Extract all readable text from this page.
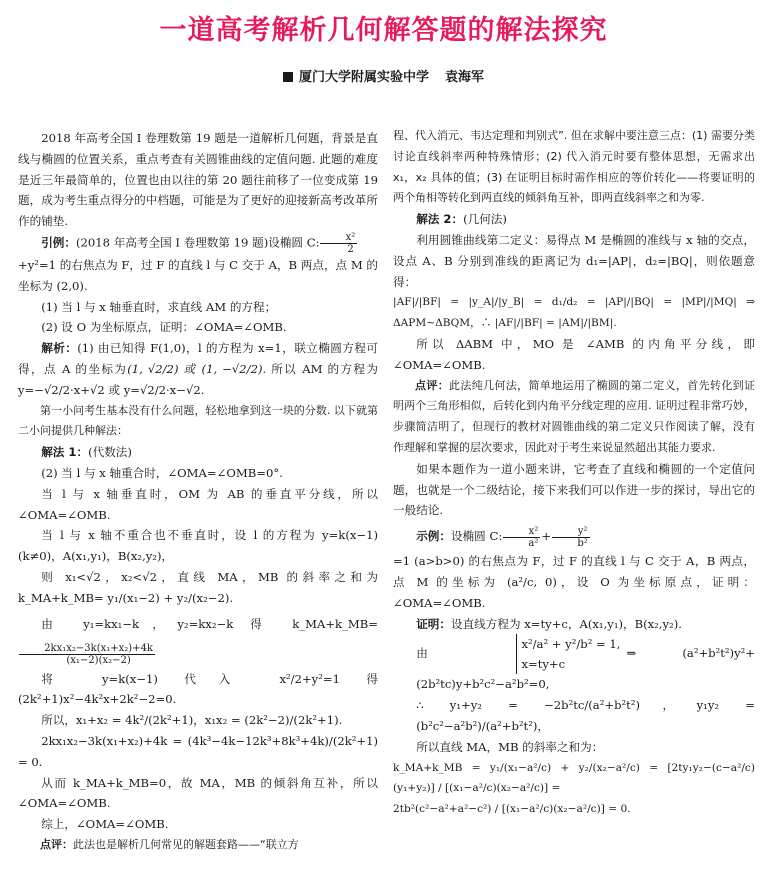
一道高考解析几何解答题的解法探究
厦门大学附属实验中学 袁海军

2018 年高考全国 I 卷理数第 19 题是一道解析几何题，背景是直线与椭圆的位置关系，重点考查有关圆锥曲线的定值问题. 此题的难度是近三年最简单的，位置也由以往的第 20 题往前移了一位变成第 19 题，成为考生重点得分的中档题，可能是为了更好的迎接新高考改革所作的铺垫.

引例：(2018 年高考全国 I 卷理数第 19 题)设椭圆 C: $\frac{\text{x²}}{2}$

+y²=1 的右焦点为 F，过 F 的直线 l 与 C 交于 A，B 两点，点 M 的坐标为 (2,0).

(1) 当 l 与 x 轴垂直时，求直线 AM 的方程；

(2) 设 O 为坐标原点，证明：∠OMA=∠OMB.

解析：(1) 由已知得 F(1,0)，l 的方程为 x=1，联立椭圆方程可得，点 A 的坐标为(1, √2/2) 或 (1, −√2/2). 所以 AM 的方程为 y=−√2/2·x+√2 或 y=√2/2·x−√2.

第一小问考生基本没有什么问题，轻松地拿到这一块的分数. 以下就第二小问提供几种解法：

解法 1：(代数法)

(2) 当 l 与 x 轴重合时，∠OMA=∠OMB=0°.

当 l 与 x 轴垂直时，OM 为 AB 的垂直平分线，所以 ∠OMA=∠OMB.

当 l 与 x 轴不重合也不垂直时，设 l 的方程为 y=k(x−1)(k≠0)，A(x₁,y₁)，B(x₂,y₂)，

则 x₁<√2，x₂<√2，直线 MA，MB 的斜率之和为 k_MA+k_MB= y₁/(x₁−2) + y₂/(x₂−2).

由 y₁=kx₁−k，y₂=kx₂−k 得 k_MA+k_MB=
$\frac{\text{2kx₁x₂−3k(x₁+x₂)+4k}}{\text{(x₁−2)(x₂−2)}}$

将 y=k(x−1) 代入 x²/2+y²=1 得 (2k²+1)x²−4k²x+2k²−2=0.

所以，x₁+x₂ = 4k²/(2k²+1)，x₁x₂ = (2k²−2)/(2k²+1).

2kx₁x₂−3k(x₁+x₂)+4k = (4k³−4k−12k³+8k³+4k)/(2k²+1) = 0.

从而 k_MA+k_MB=0，故 MA，MB 的倾斜角互补，所以 ∠OMA=∠OMB.

综上，∠OMA=∠OMB.

点评：此法也是解析几何常见的解题套路——“联立方

程、代入消元、韦达定理和判别式”. 但在求解中要注意三点：(1) 需要分类讨论直线斜率两种特殊情形；(2) 代入消元时要有整体思想，无需求出 x₁，x₂ 具体的值；(3) 在证明目标时需作相应的等价转化——将要证明的两个角相等转化到两直线的倾斜角互补，即两直线斜率之和为零.

解法 2：(几何法)

利用圆锥曲线第二定义：易得点 M 是椭圆的准线与 x 轴的交点，设点 A、B 分别到准线的距离记为 d₁=|AP|，d₂=|BQ|，则依题意得：

|AF|/|BF| = |y_A|/|y_B| = d₁/d₂ = |AP|/|BQ| = |MP|/|MQ| ⇒ ΔAPM∼ΔBQM，∴ |AF|/|BF| = |AM|/|BM|.

所以 ΔABM 中，MO 是 ∠AMB 的内角平分线，即 ∠OMA=∠OMB.

点评：此法纯几何法，简单地运用了椭圆的第二定义，首先转化到证明两个三角形相似，后转化到内角平分线定理的应用. 证明过程非常巧妙，步骤简洁明了，但现行的教材对圆锥曲线的第二定义只作阅读了解，没有作理解和掌握的层次要求，因此对于考生来说显然超出其能力要求.

如果本题作为一道小题来讲，它考查了直线和椭圆的一个定值问题，也就是一个二级结论，接下来我们可以作进一步的探讨，导出它的一般结论.

示例：设椭圆 C: $\frac{\text{x²}}{\text{a²}} + \frac{\text{y²}}{\text{b²}}$

=1 (a>b>0) 的右焦点为 F，过 F 的直线 l 与 C 交于 A，B 两点，点 M 的坐标为 (a²/c, 0)，设 O 为坐标原点，证明：∠OMA=∠OMB.

证明：设直线方程为 x=ty+c，A(x₁,y₁)，B(x₂,y₂).

由
x²/a² + y²/b² = 1,
x=ty+c
⇒ (a²+b²t²)y²+(2b²tc)y+b²c²−a²b²=0,

∴ y₁+y₂ = −2b²tc/(a²+b²t²)，y₁y₂ = (b²c²−a²b²)/(a²+b²t²)，

所以直线 MA，MB 的斜率之和为：

k_MA+k_MB = y₁/(x₁−a²/c) + y₂/(x₂−a²/c) = [2ty₁y₂−(c−a²/c)(y₁+y₂)] / [(x₁−a²/c)(x₂−a²/c)] =

2tb²(c²−a²+a²−c²) / [(x₁−a²/c)(x₂−a²/c)] = 0.
